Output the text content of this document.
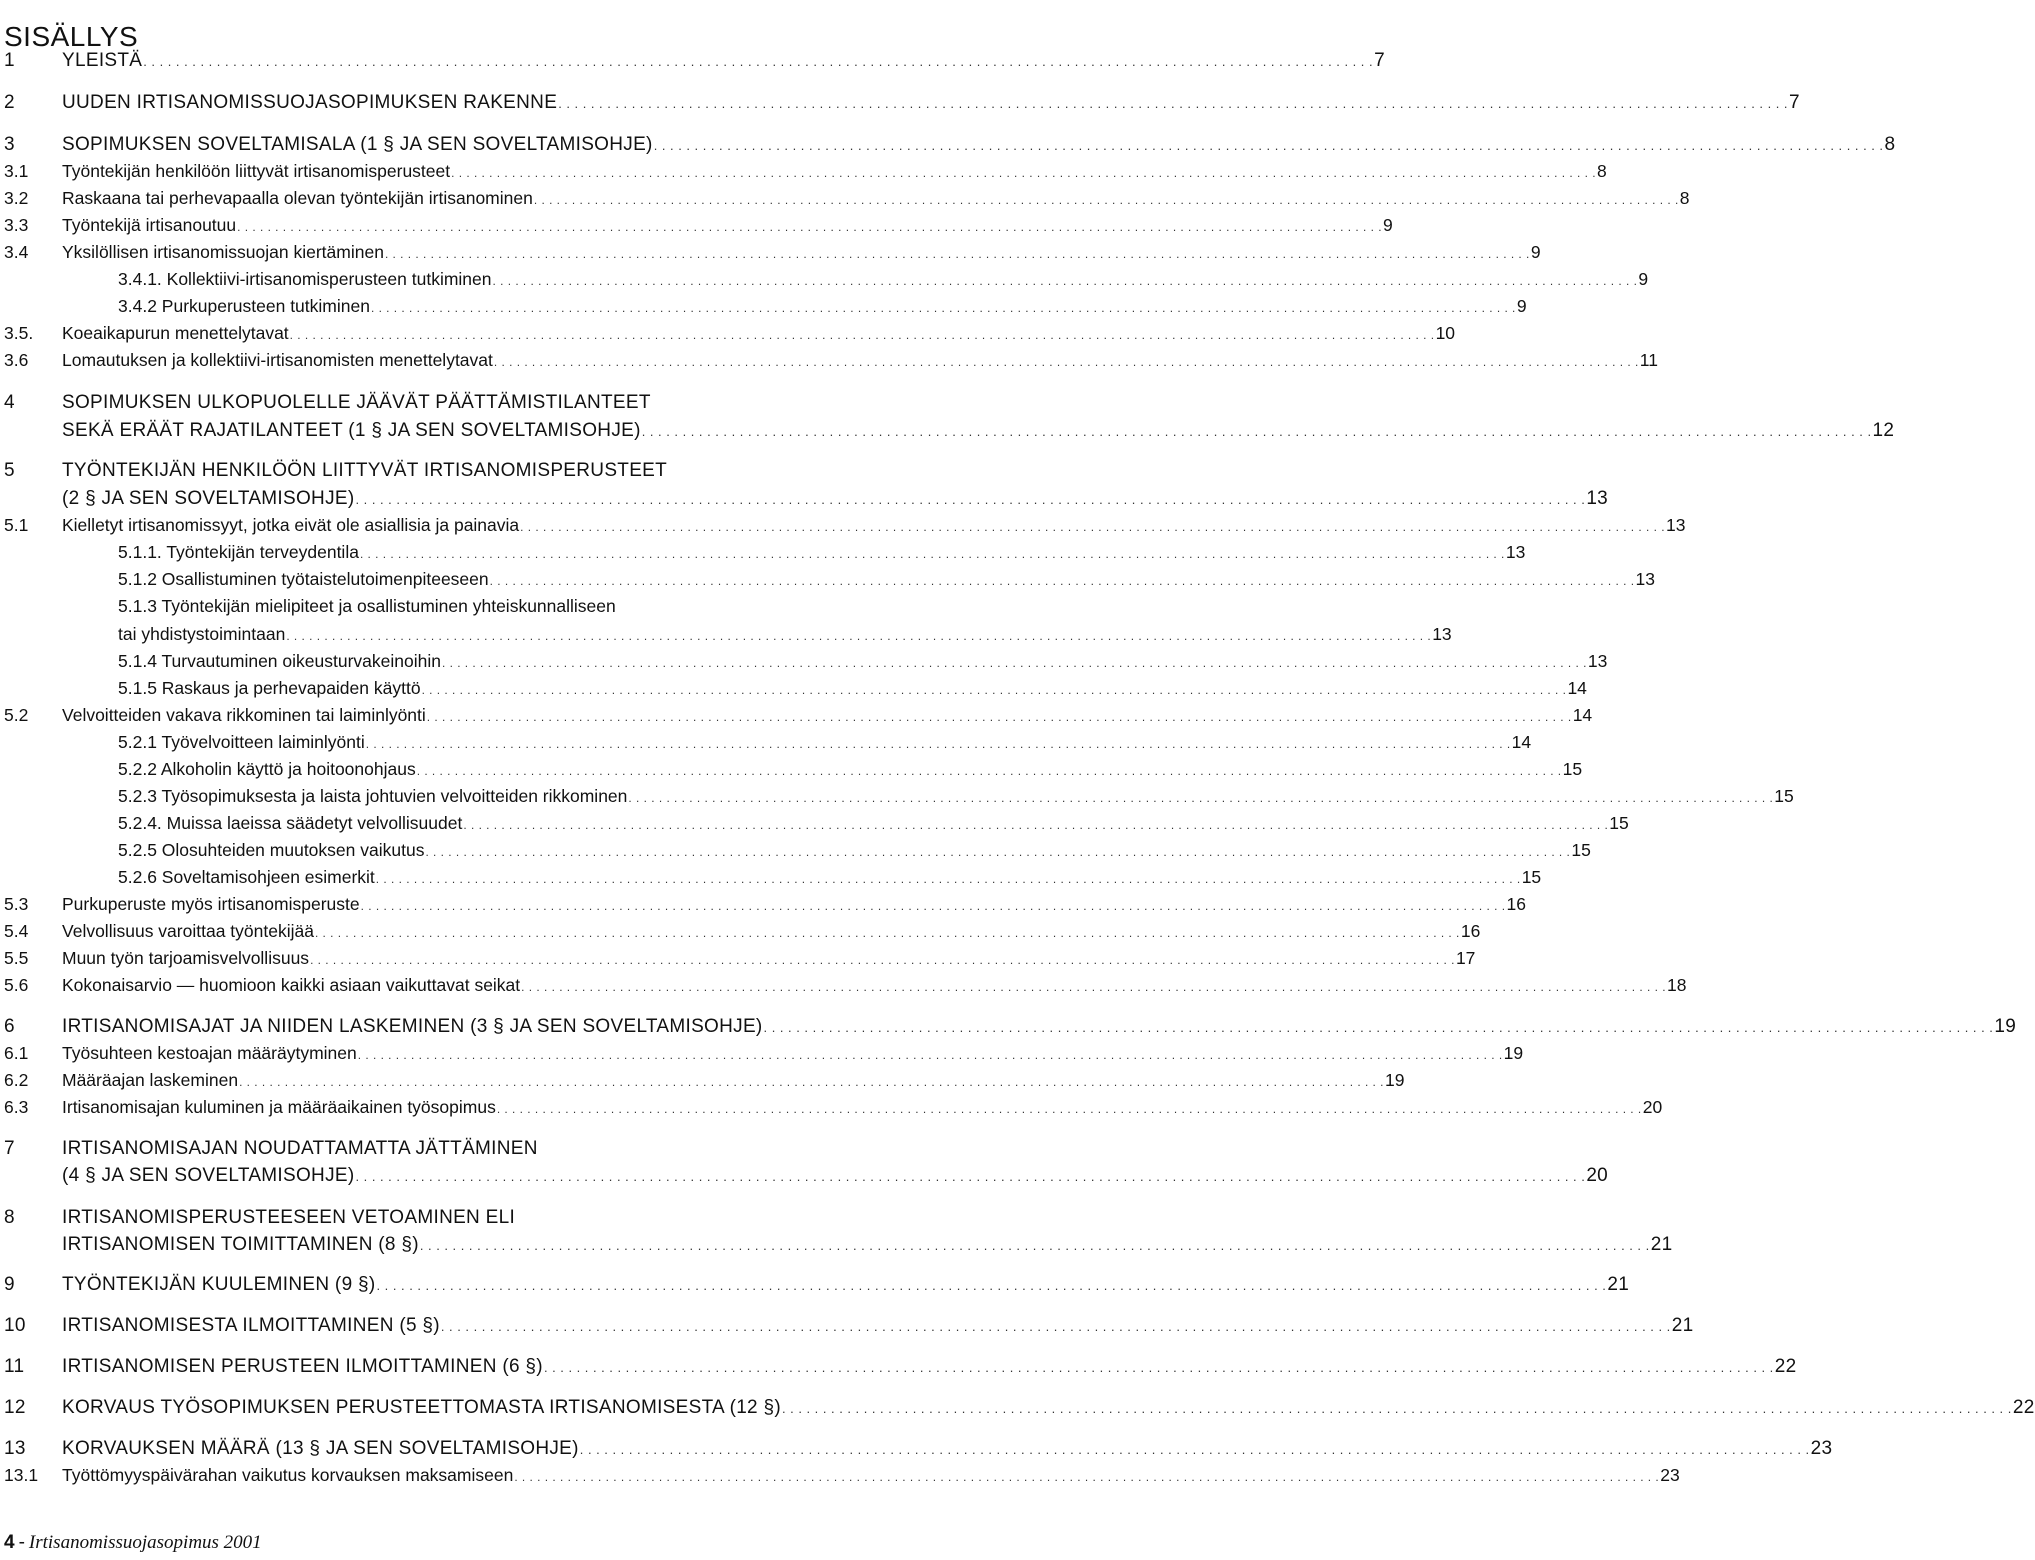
SISÄLLYS
1 YLEISTÄ . . . . . . . . . . . . . . . . . . . . . . . . . . . . . . . . . . . . . . . . . . . . . . . . . . . . . . . . . . . . . . . . . . . . . . . . . . . . . . . . . . . . . . . . . . . . . . . . . . . . . . . . . . . . . . . . . . . . . . . . . . . . . . . . . . . . . . . . . . . . . . . . . . . . . . . 7
2 UUDEN IRTISANOMISSUOJASOPIMUKSEN RAKENNE . . . . . . . . . . . . . . . . . . . . . . . . . . . . . . . . . . . . . . . . . . . . . . . . . . . . . . . . . . . . . . . . . . . . . . . . . . . . . . . . . . . . . . . . . . . . . . . . . . . . . . . . . . . . . . . . . . . . . . . . . . . . . . . . . . . . . . . . . . . . . . . . . . . . . . . 7
3 SOPIMUKSEN SOVELTAMISALA (1 § JA SEN SOVELTAMISOHJE) . . . . . . . . . . . . . . . . . . . . . . . . . . . . . . . . . . . . . . . . . . . . . . . . . . . . . . . . . . . . . . . . . . . . . . . . . . . . . . . . . . . . . . . . . . . . . . . . . . . . . . . . . . . . . . . . . . . . . . . . . . . . . . . . . . . . . . . . . . . . . . . . . . . . . . . 8
3.1 Työntekijän henkilöön liittyvät irtisanomisperusteet . . . . . . . . . . . . . . . . . . . . . . . . . . . . . . . . . . . . . . . . . . . . . . . . . . . . . . . . . . . . . . . . . . . . . . . . . . . . . . . . . . . . . . . . . . . . . . . . . . . . . . . . . . . . . . . . . . . . . . . . . . . . . . . . . . . . . . . . . . . . . . . . . . . . . . . 8
3.2 Raskaana tai perhevapaalla olevan työntekijän irtisanominen . . . . . . . . . . . . . . . . . . . . . . . . . . . . . . . . . . . . . . . . . . . . . . . . . . . . . . . . . . . . . . . . . . . . . . . . . . . . . . . . . . . . . . . . . . . . . . . . . . . . . . . . . . . . . . . . . . . . . . . . . . . . . . . . . . . . . . . . . . . . . . . . . . . . . . . 8
3.3 Työntekijä irtisanoutuu . . . . . . . . . . . . . . . . . . . . . . . . . . . . . . . . . . . . . . . . . . . . . . . . . . . . . . . . . . . . . . . . . . . . . . . . . . . . . . . . . . . . . . . . . . . . . . . . . . . . . . . . . . . . . . . . . . . . . . . . . . . . . . . . . . . . . . . . . . . . . . . . . . . . . . . 9
3.4 Yksilöllisen irtisanomissuojan kiertäminen . . . . . . . . . . . . . . . . . . . . . . . . . . . . . . . . . . . . . . . . . . . . . . . . . . . . . . . . . . . . . . . . . . . . . . . . . . . . . . . . . . . . . . . . . . . . . . . . . . . . . . . . . . . . . . . . . . . . . . . . . . . . . . . . . . . . . . . . . . . . . . . . . . . . . . . 9
3.4.1. Kollektiivi-irtisanomisperusteen tutkiminen . . . . . . . . . . . . . . . . . . . . . . . . . . . . . . . . . . . . . . . . . . . . . . . . . . . . . . . . . . . . . . . . . . . . . . . . . . . . . . . . . . . . . . . . . . . . . . . . . . . . . . . . . . . . . . . . . . . . . . . . . . . . . . . . . . . . . . . . . . . . . . . . . . . . . . . 9
3.4.2 Purkuperusteen tutkiminen . . . . . . . . . . . . . . . . . . . . . . . . . . . . . . . . . . . . . . . . . . . . . . . . . . . . . . . . . . . . . . . . . . . . . . . . . . . . . . . . . . . . . . . . . . . . . . . . . . . . . . . . . . . . . . . . . . . . . . . . . . . . . . . . . . . . . . . . . . . . . . . . . . . . . . . 9
3.5. Koeaikapurun menettelytavat . . . . . . . . . . . . . . . . . . . . . . . . . . . . . . . . . . . . . . . . . . . . . . . . . . . . . . . . . . . . . . . . . . . . . . . . . . . . . . . . . . . . . . . . . . . . . . . . . . . . . . . . . . . . . . . . . . . . . . . . . . . . . . . . . . . . . . . . . . . . . . . . . . . . . . . 10
3.6 Lomautuksen ja kollektiivi-irtisanomisten menettelytavat . . . . . . . . . . . . . . . . . . . . . . . . . . . . . . . . . . . . . . . . . . . . . . . . . . . . . . . . . . . . . . . . . . . . . . . . . . . . . . . . . . . . . . . . . . . . . . . . . . . . . . . . . . . . . . . . . . . . . . . . . . . . . . . . . . . . . . . . . . . . . . . . . . . . . . . 11
4 SOPIMUKSEN ULKOPUOLELLE JÄÄVÄT PÄÄTTÄMISTILANTEET
SEKÄ ERÄÄT RAJATILANTEET (1 § JA SEN SOVELTAMISOHJE) . . . . . . . . . . . . . . . . . . . . . . . . . . . . . . . . . . . . . . . . . . . . . . . . . . . . . . . . . . . . . . . . . . . . . . . . . . . . . . . . . . . . . . . . . . . . . . . . . . . . . . . . . . . . . . . . . . . . . . . . . . . . . . . . . . . . . . . . . . . . . . . . . . . . . . . 12
5 TYÖNTEKIJÄN HENKILÖÖN LIITTYVÄT IRTISANOMISPERUSTEET
(2 § JA SEN SOVELTAMISOHJE) . . . . . . . . . . . . . . . . . . . . . . . . . . . . . . . . . . . . . . . . . . . . . . . . . . . . . . . . . . . . . . . . . . . . . . . . . . . . . . . . . . . . . . . . . . . . . . . . . . . . . . . . . . . . . . . . . . . . . . . . . . . . . . . . . . . . . . . . . . . . . . . . . . . . . . . 13
5.1 Kielletyt irtisanomissyyt, jotka eivät ole asiallisia ja painavia . . . . . . . . . . . . . . . . . . . . . . . . . . . . . . . . . . . . . . . . . . . . . . . . . . . . . . . . . . . . . . . . . . . . . . . . . . . . . . . . . . . . . . . . . . . . . . . . . . . . . . . . . . . . . . . . . . . . . . . . . . . . . . . . . . . . . . . . . . . . . . . . . . . . . . . 13
5.1.1. Työntekijän terveydentila . . . . . . . . . . . . . . . . . . . . . . . . . . . . . . . . . . . . . . . . . . . . . . . . . . . . . . . . . . . . . . . . . . . . . . . . . . . . . . . . . . . . . . . . . . . . . . . . . . . . . . . . . . . . . . . . . . . . . . . . . . . . . . . . . . . . . . . . . . . . . . . . . . . . . . . 13
5.1.2 Osallistuminen työtaistelutoimenpiteeseen . . . . . . . . . . . . . . . . . . . . . . . . . . . . . . . . . . . . . . . . . . . . . . . . . . . . . . . . . . . . . . . . . . . . . . . . . . . . . . . . . . . . . . . . . . . . . . . . . . . . . . . . . . . . . . . . . . . . . . . . . . . . . . . . . . . . . . . . . . . . . . . . . . . . . . . 13
5.1.3 Työntekijän mielipiteet ja osallistuminen yhteiskunnalliseen
tai yhdistystoimintaan . . . . . . . . . . . . . . . . . . . . . . . . . . . . . . . . . . . . . . . . . . . . . . . . . . . . . . . . . . . . . . . . . . . . . . . . . . . . . . . . . . . . . . . . . . . . . . . . . . . . . . . . . . . . . . . . . . . . . . . . . . . . . . . . . . . . . . . . . . . . . . . . . . . . . . . 13
5.1.4 Turvautuminen oikeusturvakeinoihin . . . . . . . . . . . . . . . . . . . . . . . . . . . . . . . . . . . . . . . . . . . . . . . . . . . . . . . . . . . . . . . . . . . . . . . . . . . . . . . . . . . . . . . . . . . . . . . . . . . . . . . . . . . . . . . . . . . . . . . . . . . . . . . . . . . . . . . . . . . . . . . . . . . . . . . 13
5.1.5 Raskaus ja perhevapaiden käyttö . . . . . . . . . . . . . . . . . . . . . . . . . . . . . . . . . . . . . . . . . . . . . . . . . . . . . . . . . . . . . . . . . . . . . . . . . . . . . . . . . . . . . . . . . . . . . . . . . . . . . . . . . . . . . . . . . . . . . . . . . . . . . . . . . . . . . . . . . . . . . . . . . . . . . . . 14
5.2 Velvoitteiden vakava rikkominen tai laiminlyönti . . . . . . . . . . . . . . . . . . . . . . . . . . . . . . . . . . . . . . . . . . . . . . . . . . . . . . . . . . . . . . . . . . . . . . . . . . . . . . . . . . . . . . . . . . . . . . . . . . . . . . . . . . . . . . . . . . . . . . . . . . . . . . . . . . . . . . . . . . . . . . . . . . . . . . . 14
5.2.1 Työvelvoitteen laiminlyönti . . . . . . . . . . . . . . . . . . . . . . . . . . . . . . . . . . . . . . . . . . . . . . . . . . . . . . . . . . . . . . . . . . . . . . . . . . . . . . . . . . . . . . . . . . . . . . . . . . . . . . . . . . . . . . . . . . . . . . . . . . . . . . . . . . . . . . . . . . . . . . . . . . . . . . . 14
5.2.2 Alkoholin käyttö ja hoitoonohjaus . . . . . . . . . . . . . . . . . . . . . . . . . . . . . . . . . . . . . . . . . . . . . . . . . . . . . . . . . . . . . . . . . . . . . . . . . . . . . . . . . . . . . . . . . . . . . . . . . . . . . . . . . . . . . . . . . . . . . . . . . . . . . . . . . . . . . . . . . . . . . . . . . . . . . . . 15
5.2.3 Työsopimuksesta ja laista johtuvien velvoitteiden rikkominen . . . . . . . . . . . . . . . . . . . . . . . . . . . . . . . . . . . . . . . . . . . . . . . . . . . . . . . . . . . . . . . . . . . . . . . . . . . . . . . . . . . . . . . . . . . . . . . . . . . . . . . . . . . . . . . . . . . . . . . . . . . . . . . . . . . . . . . . . . . . . . . . . . . . . . . 15
5.2.4. Muissa laeissa säädetyt velvollisuudet . . . . . . . . . . . . . . . . . . . . . . . . . . . . . . . . . . . . . . . . . . . . . . . . . . . . . . . . . . . . . . . . . . . . . . . . . . . . . . . . . . . . . . . . . . . . . . . . . . . . . . . . . . . . . . . . . . . . . . . . . . . . . . . . . . . . . . . . . . . . . . . . . . . . . . . 15
5.2.5 Olosuhteiden muutoksen vaikutus . . . . . . . . . . . . . . . . . . . . . . . . . . . . . . . . . . . . . . . . . . . . . . . . . . . . . . . . . . . . . . . . . . . . . . . . . . . . . . . . . . . . . . . . . . . . . . . . . . . . . . . . . . . . . . . . . . . . . . . . . . . . . . . . . . . . . . . . . . . . . . . . . . . . . . . 15
5.2.6 Soveltamisohjeen esimerkit . . . . . . . . . . . . . . . . . . . . . . . . . . . . . . . . . . . . . . . . . . . . . . . . . . . . . . . . . . . . . . . . . . . . . . . . . . . . . . . . . . . . . . . . . . . . . . . . . . . . . . . . . . . . . . . . . . . . . . . . . . . . . . . . . . . . . . . . . . . . . . . . . . . . . . . 15
5.3 Purkuperuste myös irtisanomisperuste . . . . . . . . . . . . . . . . . . . . . . . . . . . . . . . . . . . . . . . . . . . . . . . . . . . . . . . . . . . . . . . . . . . . . . . . . . . . . . . . . . . . . . . . . . . . . . . . . . . . . . . . . . . . . . . . . . . . . . . . . . . . . . . . . . . . . . . . . . . . . . . . . . . . . . . 16
5.4 Velvollisuus varoittaa työntekijää . . . . . . . . . . . . . . . . . . . . . . . . . . . . . . . . . . . . . . . . . . . . . . . . . . . . . . . . . . . . . . . . . . . . . . . . . . . . . . . . . . . . . . . . . . . . . . . . . . . . . . . . . . . . . . . . . . . . . . . . . . . . . . . . . . . . . . . . . . . . . . . . . . . . . . . 16
5.5 Muun työn tarjoamisvelvollisuus . . . . . . . . . . . . . . . . . . . . . . . . . . . . . . . . . . . . . . . . . . . . . . . . . . . . . . . . . . . . . . . . . . . . . . . . . . . . . . . . . . . . . . . . . . . . . . . . . . . . . . . . . . . . . . . . . . . . . . . . . . . . . . . . . . . . . . . . . . . . . . . . . . . . . . . 17
5.6 Kokonaisarvio — huomioon kaikki asiaan vaikuttavat seikat . . . . . . . . . . . . . . . . . . . . . . . . . . . . . . . . . . . . . . . . . . . . . . . . . . . . . . . . . . . . . . . . . . . . . . . . . . . . . . . . . . . . . . . . . . . . . . . . . . . . . . . . . . . . . . . . . . . . . . . . . . . . . . . . . . . . . . . . . . . . . . . . . . . . . . . 18
6 IRTISANOMISAJAT JA NIIDEN LASKEMINEN (3 § JA SEN SOVELTAMISOHJE) . . . . . . . . . . . . . . . . . . . . . . . . . . . . . . . . . . . . . . . . . . . . . . . . . . . . . . . . . . . . . . . . . . . . . . . . . . . . . . . . . . . . . . . . . . . . . . . . . . . . . . . . . . . . . . . . . . . . . . . . . . . . . . . . . . . . . . . . . . . . . . . . . . . . . . . 19
6.1 Työsuhteen kestoajan määräytyminen . . . . . . . . . . . . . . . . . . . . . . . . . . . . . . . . . . . . . . . . . . . . . . . . . . . . . . . . . . . . . . . . . . . . . . . . . . . . . . . . . . . . . . . . . . . . . . . . . . . . . . . . . . . . . . . . . . . . . . . . . . . . . . . . . . . . . . . . . . . . . . . . . . . . . . . 19
6.2 Määräajan laskeminen . . . . . . . . . . . . . . . . . . . . . . . . . . . . . . . . . . . . . . . . . . . . . . . . . . . . . . . . . . . . . . . . . . . . . . . . . . . . . . . . . . . . . . . . . . . . . . . . . . . . . . . . . . . . . . . . . . . . . . . . . . . . . . . . . . . . . . . . . . . . . . . . . . . . . . . 19
6.3 Irtisanomisajan kuluminen ja määräaikainen työsopimus . . . . . . . . . . . . . . . . . . . . . . . . . . . . . . . . . . . . . . . . . . . . . . . . . . . . . . . . . . . . . . . . . . . . . . . . . . . . . . . . . . . . . . . . . . . . . . . . . . . . . . . . . . . . . . . . . . . . . . . . . . . . . . . . . . . . . . . . . . . . . . . . . . . . . . . 20
7 IRTISANOMISAJAN NOUDATTAMATTA JÄTTÄMINEN
(4 § JA SEN SOVELTAMISOHJE) . . . . . . . . . . . . . . . . . . . . . . . . . . . . . . . . . . . . . . . . . . . . . . . . . . . . . . . . . . . . . . . . . . . . . . . . . . . . . . . . . . . . . . . . . . . . . . . . . . . . . . . . . . . . . . . . . . . . . . . . . . . . . . . . . . . . . . . . . . . . . . . . . . . . . . . 20
8 IRTISANOMISPERUSTEESEEN VETOAMINEN ELI
IRTISANOMISEN TOIMITTAMINEN (8 §) . . . . . . . . . . . . . . . . . . . . . . . . . . . . . . . . . . . . . . . . . . . . . . . . . . . . . . . . . . . . . . . . . . . . . . . . . . . . . . . . . . . . . . . . . . . . . . . . . . . . . . . . . . . . . . . . . . . . . . . . . . . . . . . . . . . . . . . . . . . . . . . . . . . . . . . 21
9 TYÖNTEKIJÄN KUULEMINEN (9 §) . . . . . . . . . . . . . . . . . . . . . . . . . . . . . . . . . . . . . . . . . . . . . . . . . . . . . . . . . . . . . . . . . . . . . . . . . . . . . . . . . . . . . . . . . . . . . . . . . . . . . . . . . . . . . . . . . . . . . . . . . . . . . . . . . . . . . . . . . . . . . . . . . . . . . . . 21
10 IRTISANOMISESTA ILMOITTAMINEN (5 §) . . . . . . . . . . . . . . . . . . . . . . . . . . . . . . . . . . . . . . . . . . . . . . . . . . . . . . . . . . . . . . . . . . . . . . . . . . . . . . . . . . . . . . . . . . . . . . . . . . . . . . . . . . . . . . . . . . . . . . . . . . . . . . . . . . . . . . . . . . . . . . . . . . . . . . . 21
11 IRTISANOMISEN PERUSTEEN ILMOITTAMINEN (6 §) . . . . . . . . . . . . . . . . . . . . . . . . . . . . . . . . . . . . . . . . . . . . . . . . . . . . . . . . . . . . . . . . . . . . . . . . . . . . . . . . . . . . . . . . . . . . . . . . . . . . . . . . . . . . . . . . . . . . . . . . . . . . . . . . . . . . . . . . . . . . . . . . . . . . . . . 22
12 KORVAUS TYÖSOPIMUKSEN PERUSTEETTOMASTA IRTISANOMISESTA (12 §) . . . . . . . . . . . . . . . . . . . . . . . . . . . . . . . . . . . . . . . . . . . . . . . . . . . . . . . . . . . . . . . . . . . . . . . . . . . . . . . . . . . . . . . . . . . . . . . . . . . . . . . . . . . . . . . . . . . . . . . . . . . . . . . . . . . . . . . . . . . . . . . . . . . . . . . 22
13 KORVAUKSEN MÄÄRÄ (13 § JA SEN SOVELTAMISOHJE) . . . . . . . . . . . . . . . . . . . . . . . . . . . . . . . . . . . . . . . . . . . . . . . . . . . . . . . . . . . . . . . . . . . . . . . . . . . . . . . . . . . . . . . . . . . . . . . . . . . . . . . . . . . . . . . . . . . . . . . . . . . . . . . . . . . . . . . . . . . . . . . . . . . . . . . 23
13.1 Työttömyyspäivärahan vaikutus korvauksen maksamiseen . . . . . . . . . . . . . . . . . . . . . . . . . . . . . . . . . . . . . . . . . . . . . . . . . . . . . . . . . . . . . . . . . . . . . . . . . . . . . . . . . . . . . . . . . . . . . . . . . . . . . . . . . . . . . . . . . . . . . . . . . . . . . . . . . . . . . . . . . . . . . . . . . . . . . . . 23
4 - Irtisanomissuojasopimus 2001
